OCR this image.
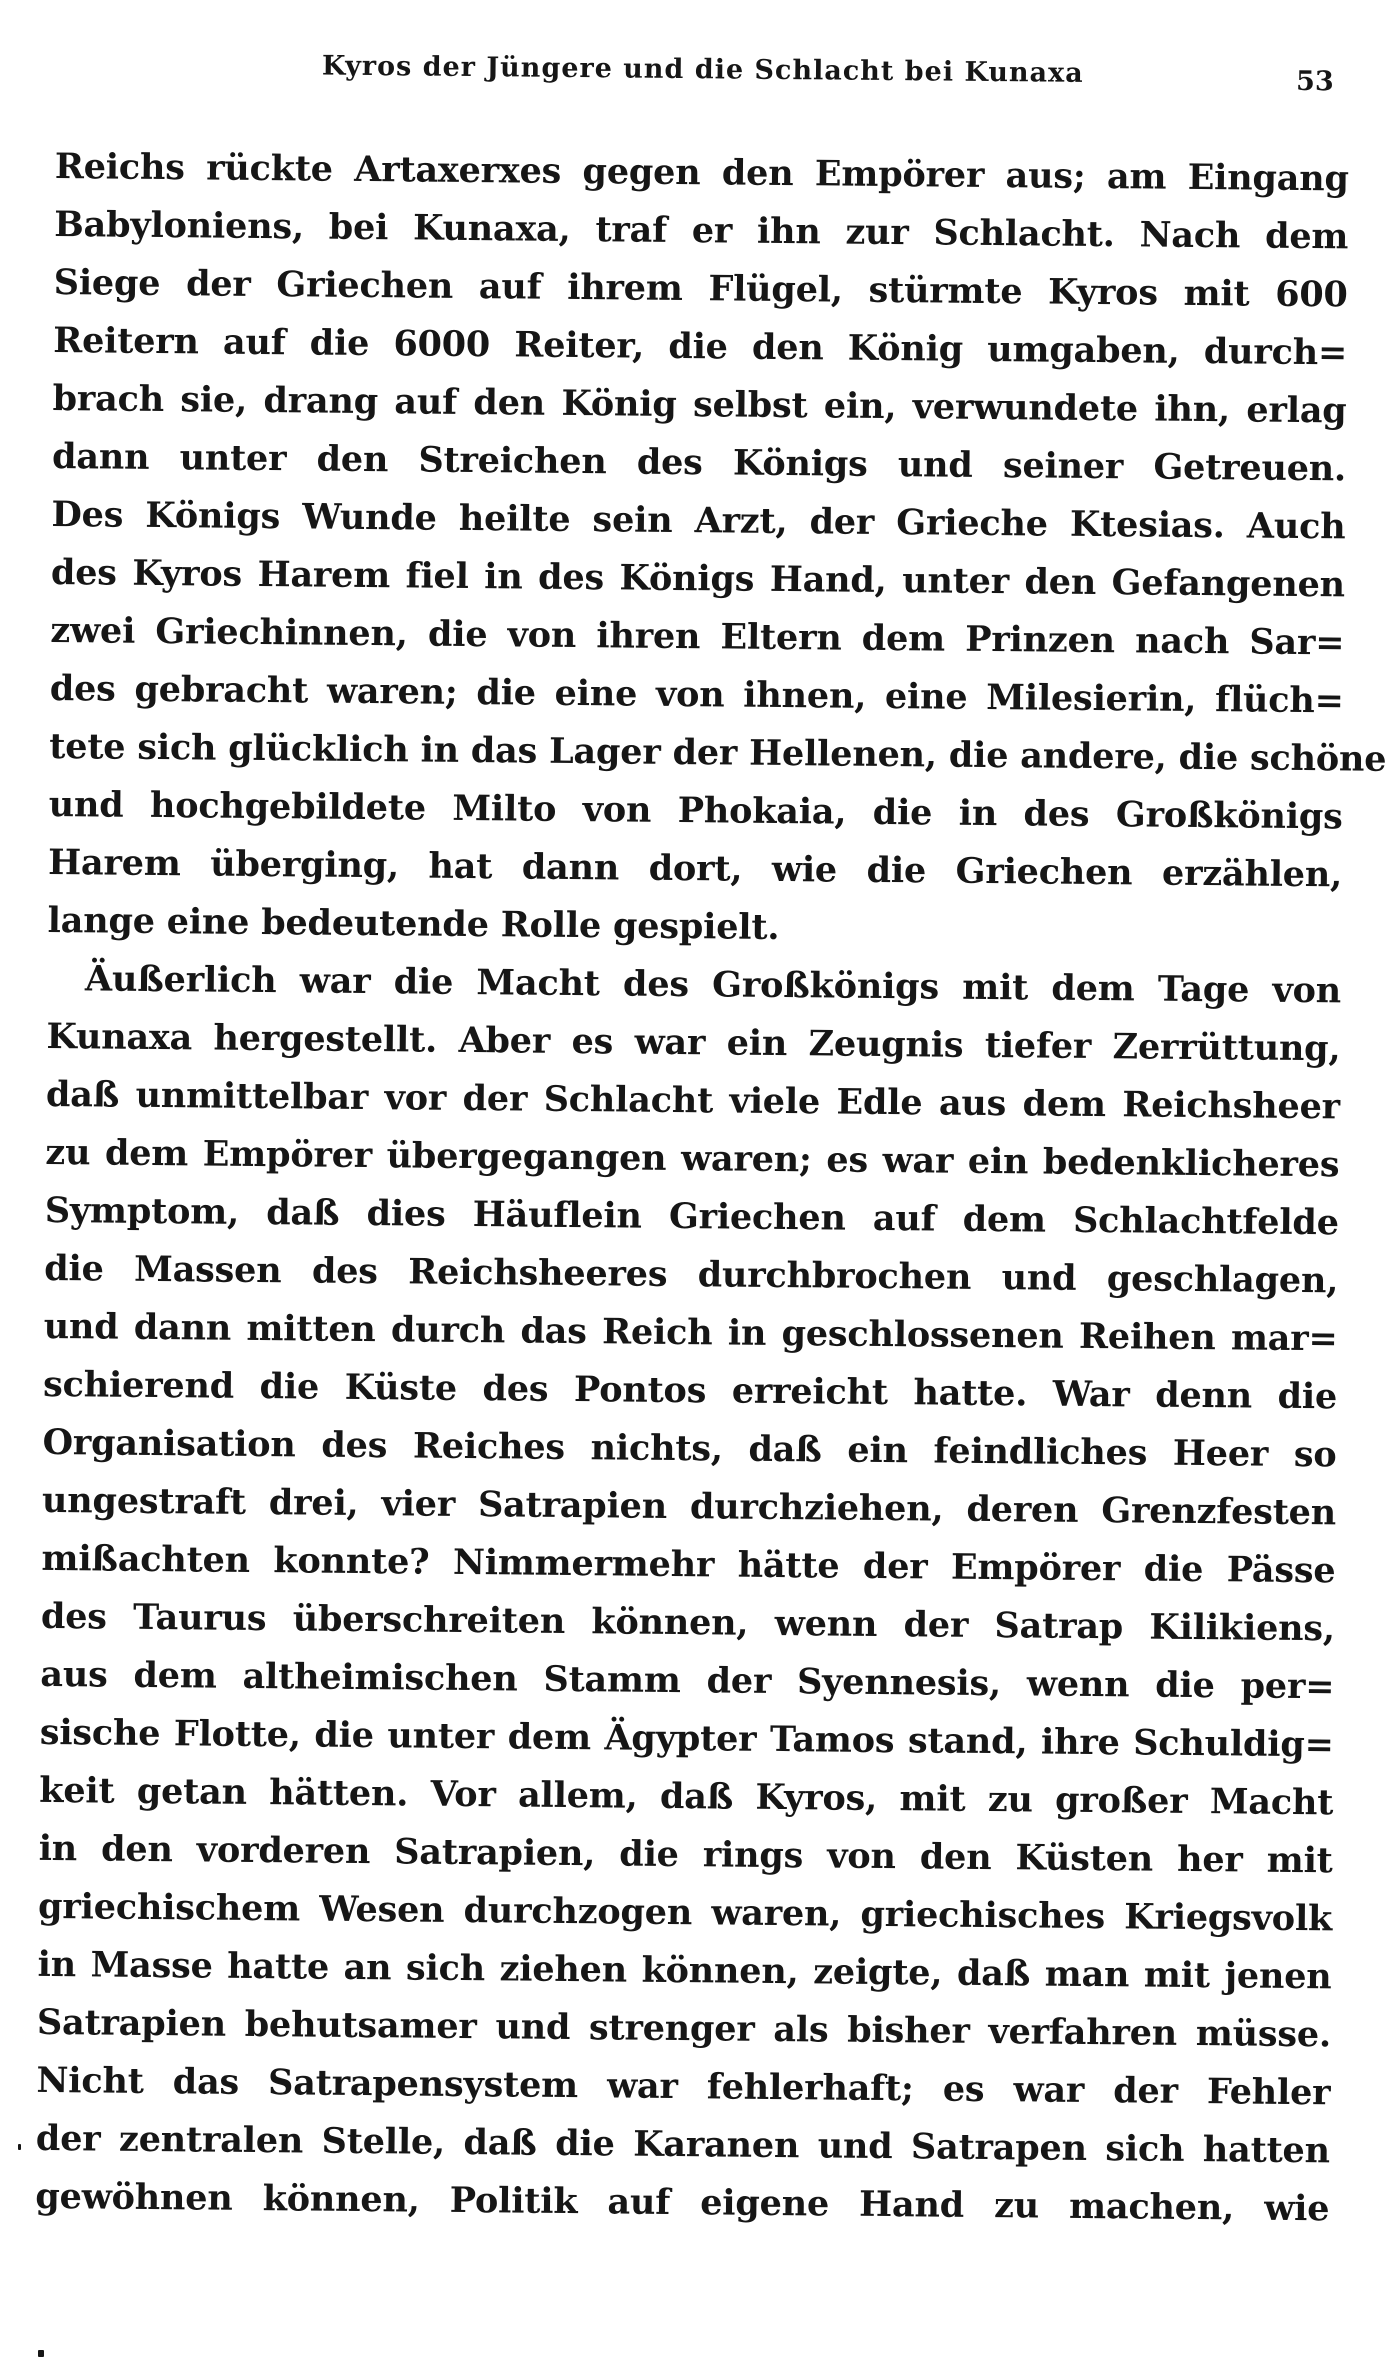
Kyros der Jüngere und die Schlacht bei Kunaxa	53
Reichs rückte Artaxerxes gegen den Empörer aus; am Eingang
Babyloniens, bei Kunaxa, traf er ihn zur Schlacht. Nach dem
Siege der Griechen auf ihrem Flügel, stürmte Kyros mit 600
Reitern auf die 6000 Reiter, die den König umgaben, durch=
brach sie, drang auf den König selbst ein, verwundete ihn, erlag
dann unter den Streichen des Königs und seiner Getreuen.
Des Königs Wunde heilte sein Arzt, der Grieche Ktesias. Auch
des Kyros Harem fiel in des Königs Hand, unter den Gefangenen
zwei Griechinnen, die von ihren Eltern dem Prinzen nach Sar=
des gebracht waren; die eine von ihnen, eine Milesierin, flüch=
tete sich glücklich in das Lager der Hellenen, die andere, die schöne
und hochgebildete Milto von Phokaia, die in des Großkönigs
Harem überging, hat dann dort, wie die Griechen erzählen,
lange eine bedeutende Rolle gespielt.
Äußerlich war die Macht des Großkönigs mit dem Tage von
Kunaxa hergestellt. Aber es war ein Zeugnis tiefer Zerrüttung,
daß unmittelbar vor der Schlacht viele Edle aus dem Reichsheer
zu dem Empörer übergegangen waren; es war ein bedenklicheres
Symptom, daß dies Häuflein Griechen auf dem Schlachtfelde
die Massen des Reichsheeres durchbrochen und geschlagen,
und dann mitten durch das Reich in geschlossenen Reihen mar=
schierend die Küste des Pontos erreicht hatte. War denn die
Organisation des Reiches nichts, daß ein feindliches Heer so
ungestraft drei, vier Satrapien durchziehen, deren Grenzfesten
mißachten konnte? Nimmermehr hätte der Empörer die Pässe
des Taurus überschreiten können, wenn der Satrap Kilikiens,
aus dem altheimischen Stamm der Syennesis, wenn die per=
sische Flotte, die unter dem Ägypter Tamos stand, ihre Schuldig=
keit getan hätten. Vor allem, daß Kyros, mit zu großer Macht
in den vorderen Satrapien, die rings von den Küsten her mit
griechischem Wesen durchzogen waren, griechisches Kriegsvolk
in Masse hatte an sich ziehen können, zeigte, daß man mit jenen
Satrapien behutsamer und strenger als bisher verfahren müsse.
Nicht das Satrapensystem war fehlerhaft; es war der Fehler
der zentralen Stelle, daß die Karanen und Satrapen sich hatten
gewöhnen können, Politik auf eigene Hand zu machen, wie
